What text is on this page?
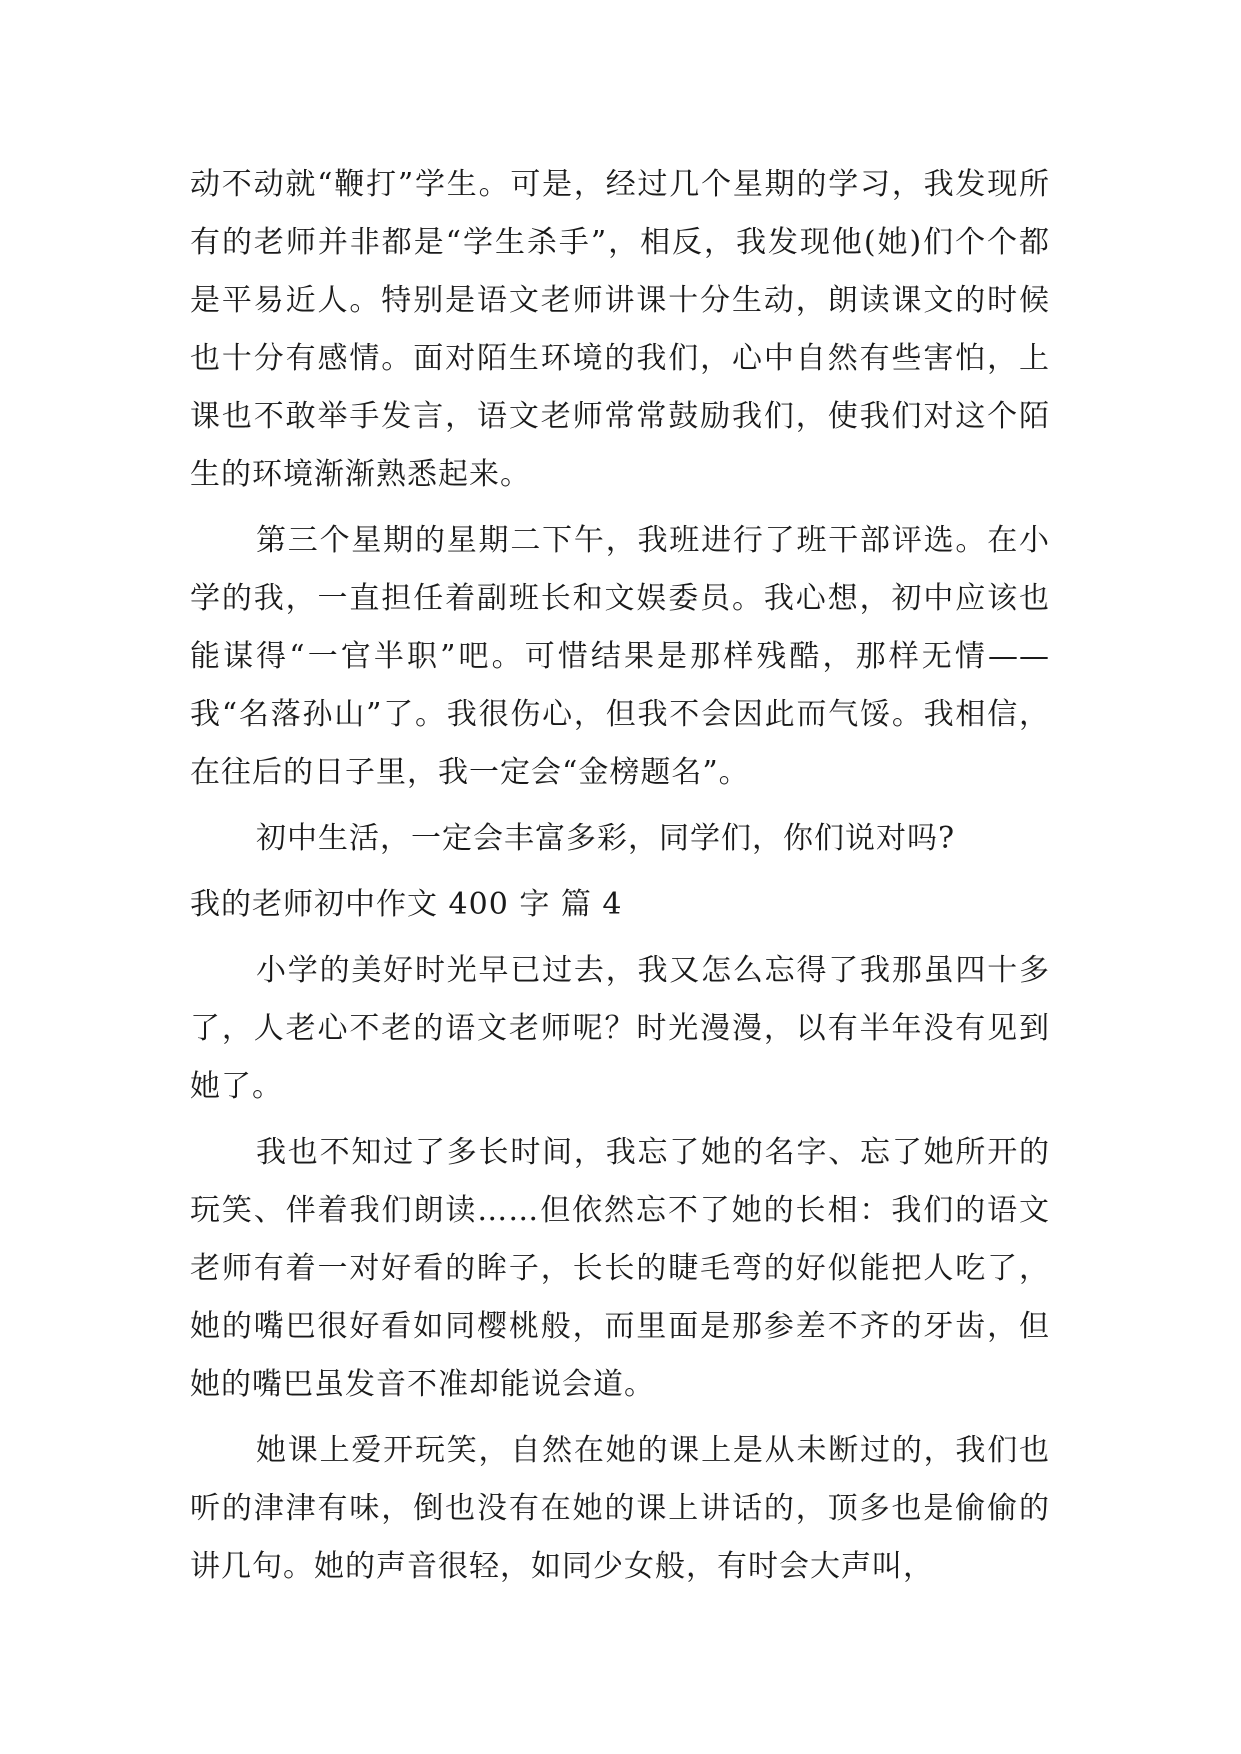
动不动就“鞭打”学生。可是，经过几个星期的学习，我发现所有的老师并非都是“学生杀手”，相反，我发现他(她)们个个都是平易近人。特别是语文老师讲课十分生动，朗读课文的时候也十分有感情。面对陌生环境的我们，心中自然有些害怕，上课也不敢举手发言，语文老师常常鼓励我们，使我们对这个陌生的环境渐渐熟悉起来。

第三个星期的星期二下午，我班进行了班干部评选。在小学的我，一直担任着副班长和文娱委员。我心想，初中应该也能谋得“一官半职”吧。可惜结果是那样残酷，那样无情——我“名落孙山”了。我很伤心，但我不会因此而气馁。我相信，在往后的日子里，我一定会“金榜题名”。

初中生活，一定会丰富多彩，同学们，你们说对吗?

我的老师初中作文 400 字 篇 4

小学的美好时光早已过去，我又怎么忘得了我那虽四十多了，人老心不老的语文老师呢？时光漫漫，以有半年没有见到她了。

我也不知过了多长时间，我忘了她的名字、忘了她所开的玩笑、伴着我们朗读……但依然忘不了她的长相：我们的语文老师有着一对好看的眸子，长长的睫毛弯的好似能把人吃了，她的嘴巴很好看如同樱桃般，而里面是那参差不齐的牙齿，但她的嘴巴虽发音不准却能说会道。

她课上爱开玩笑，自然在她的课上是从未断过的，我们也听的津津有味，倒也没有在她的课上讲话的，顶多也是偷偷的讲几句。她的声音很轻，如同少女般，有时会大声叫，
